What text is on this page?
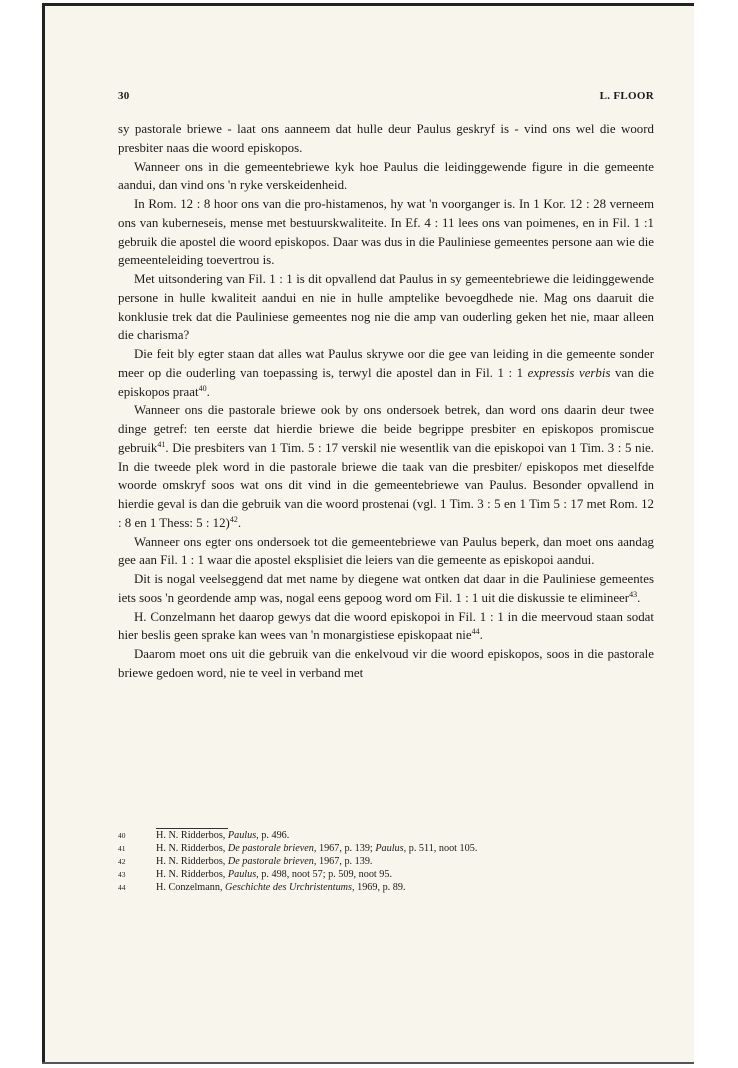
30	L. FLOOR

sy pastorale briewe - laat ons aanneem dat hulle deur Paulus geskryf is - vind ons wel die woord presbiter naas die woord episkopos.

Wanneer ons in die gemeentebriewe kyk hoe Paulus die leidinggewende figure in die gemeente aandui, dan vind ons 'n ryke verskeidenheid.

In Rom. 12 : 8 hoor ons van die pro-histamenos, hy wat 'n voorganger is. In 1 Kor. 12 : 28 verneem ons van kuberneseis, mense met bestuurskwaliteite. In Ef. 4 : 11 lees ons van poimenes, en in Fil. 1 :1 gebruik die apostel die woord episkopos. Daar was dus in die Pauliniese gemeentes persone aan wie die gemeenteleiding toevertrou is.

Met uitsondering van Fil. 1 : 1 is dit opvallend dat Paulus in sy gemeentebriewe die leidinggewende persone in hulle kwaliteit aandui en nie in hulle amptelike bevoegdhede nie. Mag ons daaruit die konklusie trek dat die Pauliniese gemeentes nog nie die amp van ouderling geken het nie, maar alleen die charisma?

Die feit bly egter staan dat alles wat Paulus skrywe oor die gee van leiding in die gemeente sonder meer op die ouderling van toepassing is, terwyl die apostel dan in Fil. 1 : 1 expressis verbis van die episkopos praat$^{40}$.

Wanneer ons die pastorale briewe ook by ons ondersoek betrek, dan word ons daarin deur twee dinge getref: ten eerste dat hierdie briewe die beide begrippe presbiter en episkopos promiscue gebruik$^{41}$. Die presbiters van 1 Tim. 5 : 17 verskil nie wesentlik van die episkopoi van 1 Tim. 3 : 5 nie. In die tweede plek word in die pastorale briewe die taak van die presbiter/ episkopos met dieselfde woorde omskryf soos wat ons dit vind in die gemeentebriewe van Paulus. Besonder opvallend in hierdie geval is dan die gebruik van die woord prostenai (vgl. 1 Tim. 3 : 5 en 1 Tim 5 : 17 met Rom. 12 : 8 en 1 Thess: 5 : 12)$^{42}$.

Wanneer ons egter ons ondersoek tot die gemeentebriewe van Paulus beperk, dan moet ons aandag gee aan Fil. 1 : 1 waar die apostel eksplisiet die leiers van die gemeente as episkopoi aandui.

Dit is nogal veelseggend dat met name by diegene wat ontken dat daar in die Pauliniese gemeentes iets soos 'n geordende amp was, nogal eens gepoog word om Fil. 1 : 1 uit die diskussie te elimineer$^{43}$.

H. Conzelmann het daarop gewys dat die woord episkopoi in Fil. 1 : 1 in die meervoud staan sodat hier beslis geen sprake kan wees van 'n monargistiese episkopaat nie$^{44}$.

Daarom moet ons uit die gebruik van die enkelvoud vir die woord episkopos, soos in die pastorale briewe gedoen word, nie te veel in verband met

40	H. N. Ridderbos, Paulus, p. 496.
41	H. N. Ridderbos, De pastorale brieven, 1967, p. 139; Paulus, p. 511, noot 105.
42	H. N. Ridderbos, De pastorale brieven, 1967, p. 139.
43	H. N. Ridderbos, Paulus, p. 498, noot 57; p. 509, noot 95.
44	H. Conzelmann, Geschichte des Urchristentums, 1969, p. 89.
